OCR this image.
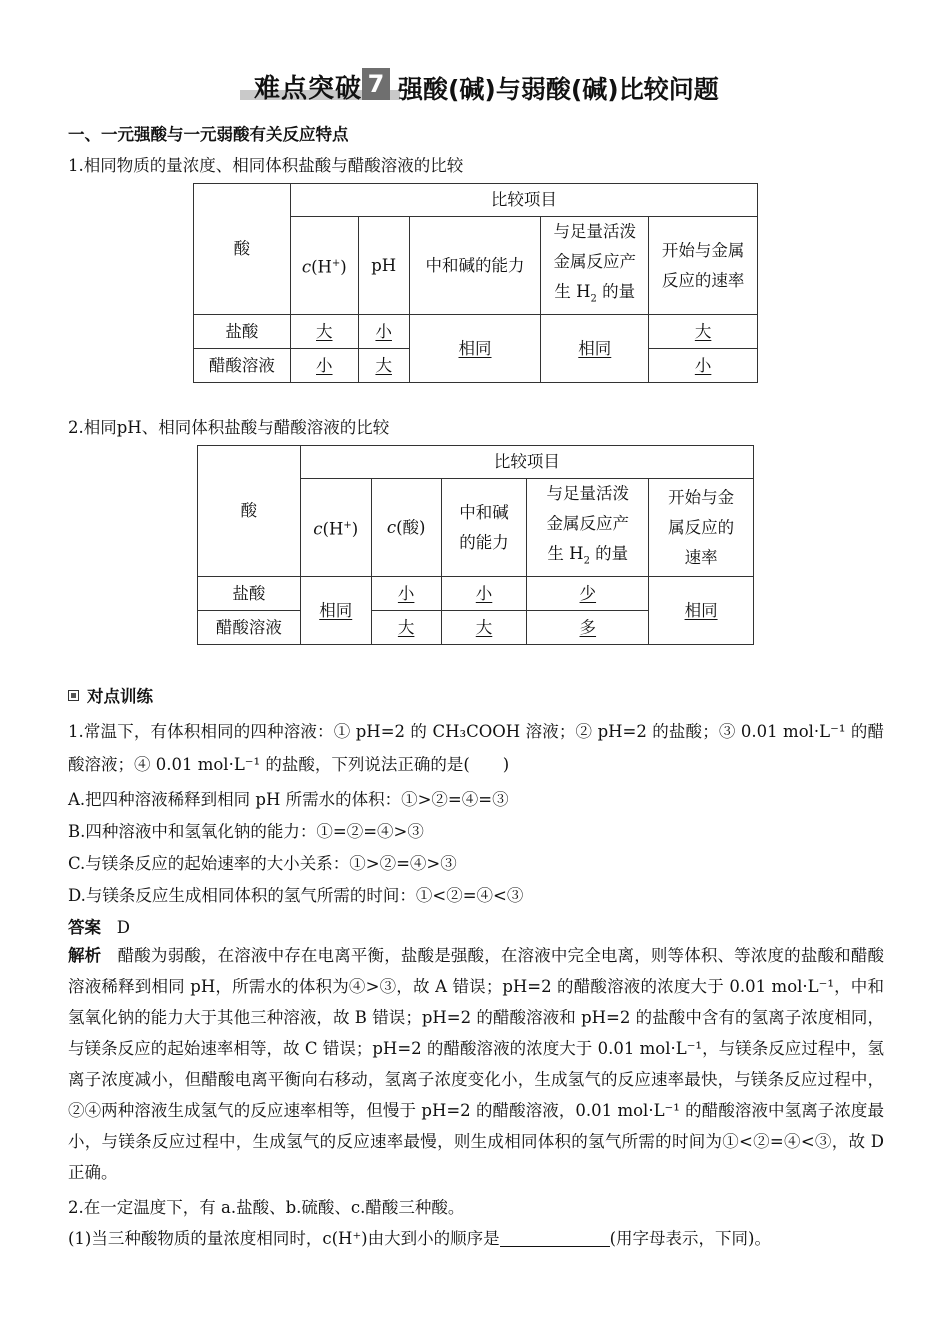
难点突破 7 强酸(碱)与弱酸(碱)比较问题
一、一元强酸与一元弱酸有关反应特点
1.相同物质的量浓度、相同体积盐酸与醋酸溶液的比较
酸	比较项目				
	c(H+)	pH	中和碱的能力	与足量活泼
金属反应产
生 $H_2$ 的量	开始与金属
反应的速率
盐酸	大	小	相同	相同	大
醋酸溶液	小	大			小
2.相同pH、相同体积盐酸与醋酸溶液的比较
酸	比较项目				
	c(H+)	c(酸)	中和碱
的能力	与足量活泼
金属反应产
生 $H_2$ 的量	开始与金
属反应的
速率
盐酸	相同	小	小	少	相同
醋酸溶液		大	大	多	
对点训练
1.常温下，有体积相同的四种溶液：① pH=2 的 CH₃COOH 溶液；② pH=2 的盐酸；③ 0.01 mol·L⁻¹ 的醋酸溶液；④ 0.01 mol·L⁻¹ 的盐酸，下列说法正确的是(　　)
A.把四种溶液稀释到相同 pH 所需水的体积：①>②=④=③
B.四种溶液中和氢氧化钠的能力：①=②=④>③
C.与镁条反应的起始速率的大小关系：①>②=④>③
D.与镁条反应生成相同体积的氢气所需的时间：①<②=④<③
答案 D
解析 醋酸为弱酸，在溶液中存在电离平衡，盐酸是强酸，在溶液中完全电离，则等体积、等浓度的盐酸和醋酸溶液稀释到相同 pH，所需水的体积为④>③，故 A 错误；pH=2 的醋酸溶液的浓度大于 0.01 mol·L⁻¹，中和氢氧化钠的能力大于其他三种溶液，故 B 错误；pH=2 的醋酸溶液和 pH=2 的盐酸中含有的氢离子浓度相同，与镁条反应的起始速率相等，故 C 错误；pH=2 的醋酸溶液的浓度大于 0.01 mol·L⁻¹，与镁条反应过程中，氢离子浓度减小，但醋酸电离平衡向右移动，氢离子浓度变化小，生成氢气的反应速率最快，与镁条反应过程中，②④两种溶液生成氢气的反应速率相等，但慢于 pH=2 的醋酸溶液，0.01 mol·L⁻¹ 的醋酸溶液中氢离子浓度最小，与镁条反应过程中，生成氢气的反应速率最慢，则生成相同体积的氢气所需的时间为①<②=④<③，故 D 正确。
2.在一定温度下，有 a.盐酸、b.硫酸、c.醋酸三种酸。
(1)当三种酸物质的量浓度相同时，c(H⁺)由大到小的顺序是	(用字母表示，下同)。
